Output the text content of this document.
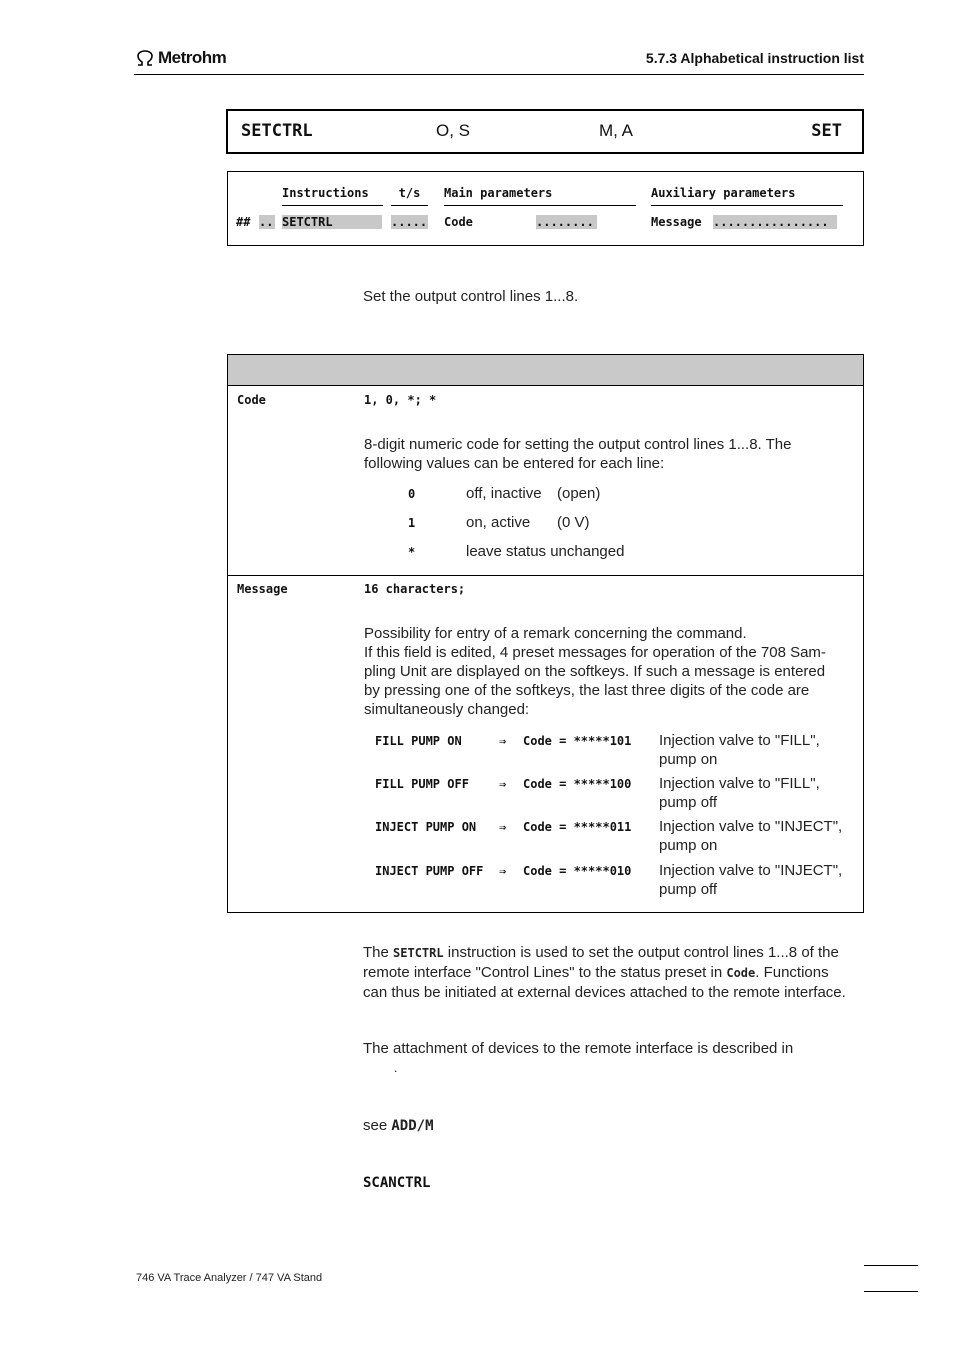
Metrohm	5.7.3 Alphabetical instruction list
SETCTRL	O, S	M, A	SET
Instructions	t/s	Main parameters	Auxiliary parameters
## .. SETCTRL	..... Code	........	Message ................
Set the output control lines 1...8.
Code	1, 0, *; *
8-digit numeric code for setting the output control lines 1...8. The following values can be entered for each line:
0	off, inactive (open)
1	on, active (0 V)
*	leave status unchanged
Message	16 characters;
Possibility for entry of a remark concerning the command.
If this field is edited, 4 preset messages for operation of the 708 Sam-
pling Unit are displayed on the softkeys. If such a message is entered
by pressing one of the softkeys, the last three digits of the code are
simultaneously changed:
FILL PUMP ON	⇒ Code = *****101 Injection valve to "FILL",
pump on
FILL PUMP OFF	⇒ Code = *****100 Injection valve to "FILL",
pump off
INJECT PUMP ON ⇒ Code = *****011 Injection valve to "INJECT",
pump on
INJECT PUMP OFF ⇒ Code = *****010 Injection valve to "INJECT",
pump off
The SETCTRL instruction is used to set the output control lines 1...8 of the
remote interface "Control Lines" to the status preset in Code. Functions
can thus be initiated at external devices attached to the remote interface.
The attachment of devices to the remote interface is described in
.
see ADD/M
SCANCTRL
746 VA Trace Analyzer / 747 VA Stand
